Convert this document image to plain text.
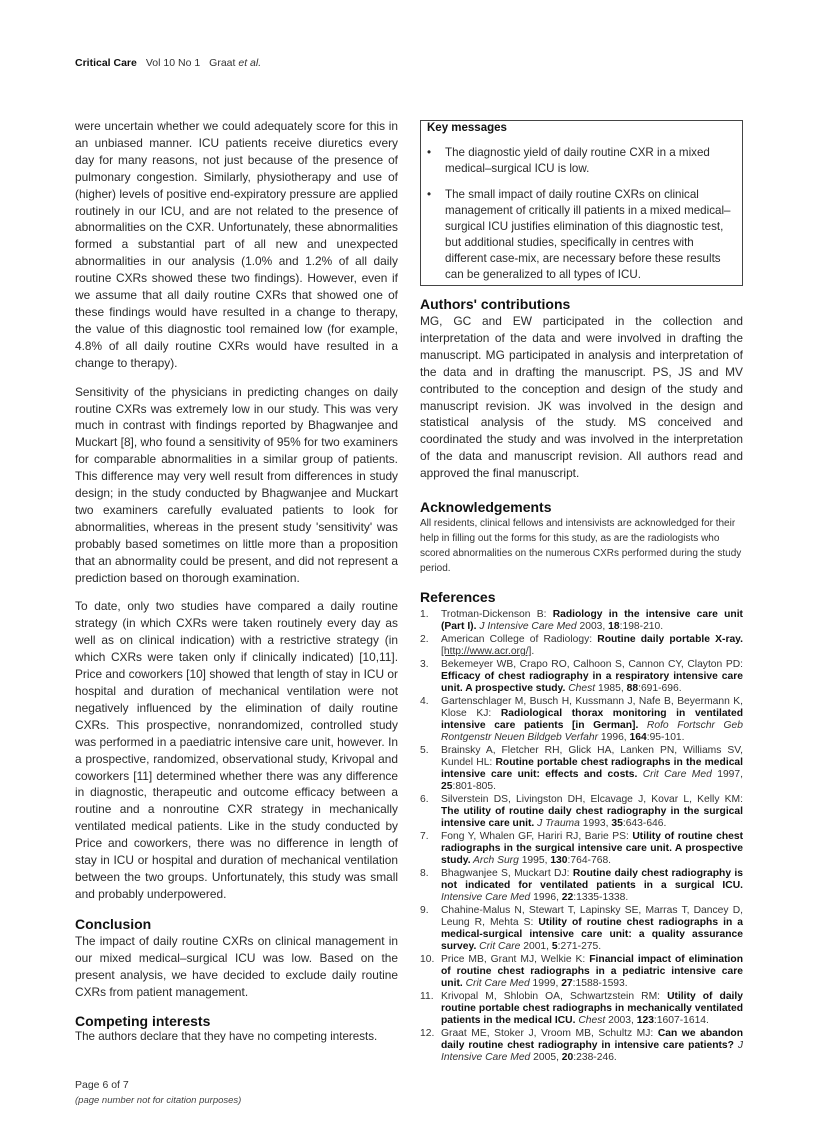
Critical Care Vol 10 No 1 Graat et al.

were uncertain whether we could adequately score for this in an unbiased manner. ICU patients receive diuretics every day for many reasons, not just because of the presence of pulmonary congestion. Similarly, physiotherapy and use of (higher) levels of positive end-expiratory pressure are applied routinely in our ICU, and are not related to the presence of abnormalities on the CXR. Unfortunately, these abnormalities formed a substantial part of all new and unexpected abnormalities in our analysis (1.0% and 1.2% of all daily routine CXRs showed these two findings). However, even if we assume that all daily routine CXRs that showed one of these findings would have resulted in a change to therapy, the value of this diagnostic tool remained low (for example, 4.8% of all daily routine CXRs would have resulted in a change to therapy).

Sensitivity of the physicians in predicting changes on daily routine CXRs was extremely low in our study. This was very much in contrast with findings reported by Bhagwanjee and Muckart [8], who found a sensitivity of 95% for two examiners for comparable abnormalities in a similar group of patients. This difference may very well result from differences in study design; in the study conducted by Bhagwanjee and Muckart two examiners carefully evaluated patients to look for abnormalities, whereas in the present study 'sensitivity' was probably based sometimes on little more than a proposition that an abnormality could be present, and did not represent a prediction based on thorough examination.

To date, only two studies have compared a daily routine strategy (in which CXRs were taken routinely every day as well as on clinical indication) with a restrictive strategy (in which CXRs were taken only if clinically indicated) [10,11]. Price and coworkers [10] showed that length of stay in ICU or hospital and duration of mechanical ventilation were not negatively influenced by the elimination of daily routine CXRs. This prospective, nonrandomized, controlled study was performed in a paediatric intensive care unit, however. In a prospective, randomized, observational study, Krivopal and coworkers [11] determined whether there was any difference in diagnostic, therapeutic and outcome efficacy between a routine and a nonroutine CXR strategy in mechanically ventilated medical patients. Like in the study conducted by Price and coworkers, there was no difference in length of stay in ICU or hospital and duration of mechanical ventilation between the two groups. Unfortunately, this study was small and probably underpowered.

Conclusion

The impact of daily routine CXRs on clinical management in our mixed medical–surgical ICU was low. Based on the present analysis, we have decided to exclude daily routine CXRs from patient management.

Competing interests

The authors declare that they have no competing interests.

Page 6 of 7
(page number not for citation purposes)
Key messages
• The diagnostic yield of daily routine CXR in a mixed medical–surgical ICU is low.
• The small impact of daily routine CXRs on clinical management of critically ill patients in a mixed medical–surgical ICU justifies elimination of this diagnostic test, but additional studies, specifically in centres with different case-mix, are necessary before these results can be generalized to all types of ICU.
Authors' contributions

MG, GC and EW participated in the collection and interpretation of the data and were involved in drafting the manuscript. MG participated in analysis and interpretation of the data and in drafting the manuscript. PS, JS and MV contributed to the conception and design of the study and manuscript revision. JK was involved in the design and statistical analysis of the study. MS conceived and coordinated the study and was involved in the interpretation of the data and manuscript revision. All authors read and approved the final manuscript.

Acknowledgements

All residents, clinical fellows and intensivists are acknowledged for their help in filling out the forms for this study, as are the radiologists who scored abnormalities on the numerous CXRs performed during the study period.

References
1. Trotman-Dickenson B: Radiology in the intensive care unit (Part I). J Intensive Care Med 2003, 18:198-210.
2. American College of Radiology: Routine daily portable X-ray. [http://www.acr.org/].
3. Bekemeyer WB, Crapo RO, Calhoon S, Cannon CY, Clayton PD: Efficacy of chest radiography in a respiratory intensive care unit. A prospective study. Chest 1985, 88:691-696.
4. Gartenschlager M, Busch H, Kussmann J, Nafe B, Beyermann K, Klose KJ: Radiological thorax monitoring in ventilated intensive care patients [in German]. Rofo Fortschr Geb Rontgenstr Neuen Bildgeb Verfahr 1996, 164:95-101.
5. Brainsky A, Fletcher RH, Glick HA, Lanken PN, Williams SV, Kundel HL: Routine portable chest radiographs in the medical intensive care unit: effects and costs. Crit Care Med 1997, 25:801-805.
6. Silverstein DS, Livingston DH, Elcavage J, Kovar L, Kelly KM: The utility of routine daily chest radiography in the surgical intensive care unit. J Trauma 1993, 35:643-646.
7. Fong Y, Whalen GF, Hariri RJ, Barie PS: Utility of routine chest radiographs in the surgical intensive care unit. A prospective study. Arch Surg 1995, 130:764-768.
8. Bhagwanjee S, Muckart DJ: Routine daily chest radiography is not indicated for ventilated patients in a surgical ICU. Intensive Care Med 1996, 22:1335-1338.
9. Chahine-Malus N, Stewart T, Lapinsky SE, Marras T, Dancey D, Leung R, Mehta S: Utility of routine chest radiographs in a medical-surgical intensive care unit: a quality assurance survey. Crit Care 2001, 5:271-275.
10. Price MB, Grant MJ, Welkie K: Financial impact of elimination of routine chest radiographs in a pediatric intensive care unit. Crit Care Med 1999, 27:1588-1593.
11. Krivopal M, Shlobin OA, Schwartzstein RM: Utility of daily routine portable chest radiographs in mechanically ventilated patients in the medical ICU. Chest 2003, 123:1607-1614.
12. Graat ME, Stoker J, Vroom MB, Schultz MJ: Can we abandon daily routine chest radiography in intensive care patients? J Intensive Care Med 2005, 20:238-246.
